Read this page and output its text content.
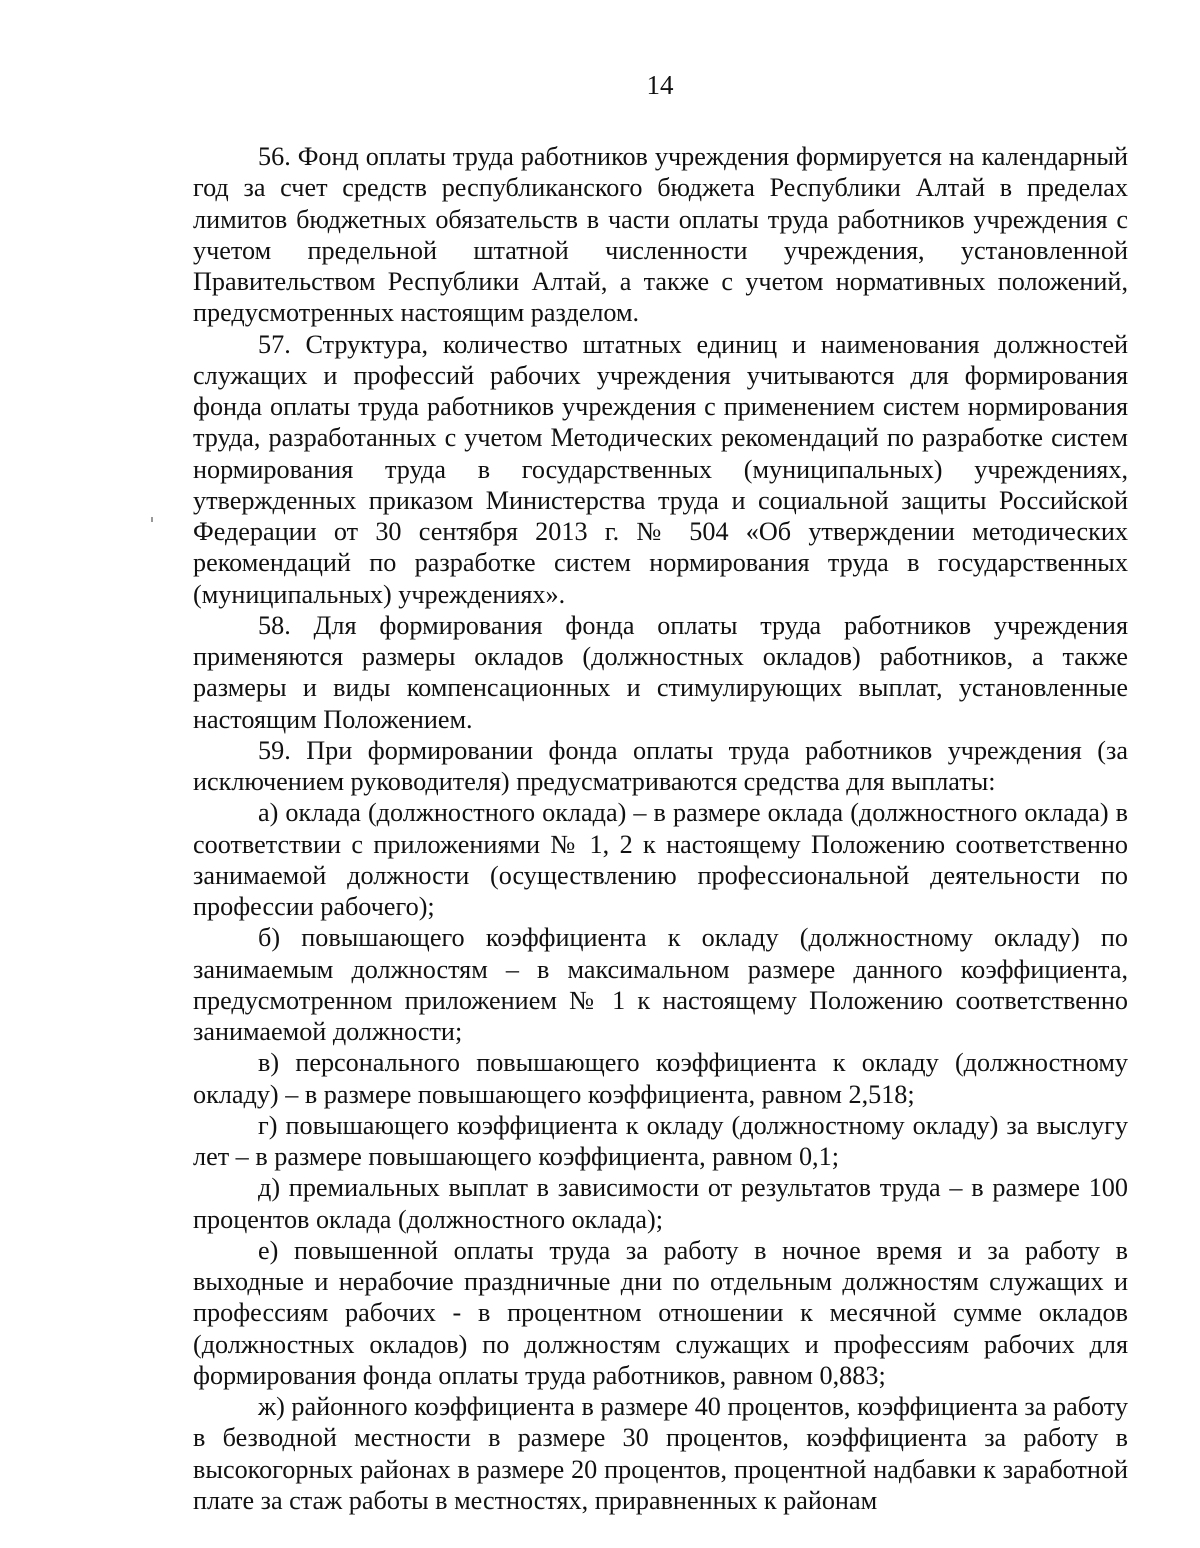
14

56. Фонд оплаты труда работников учреждения формируется на календарный год за счет средств республиканского бюджета Республики Алтай в пределах лимитов бюджетных обязательств в части оплаты труда работников учреждения с учетом предельной штатной численности учреждения, установленной Правительством Республики Алтай, а также с учетом нормативных положений, предусмотренных настоящим разделом.

57. Структура, количество штатных единиц и наименования должностей служащих и профессий рабочих учреждения учитываются для формирования фонда оплаты труда работников учреждения с применением систем нормирования труда, разработанных с учетом Методических рекомендаций по разработке систем нормирования труда в государственных (муниципальных) учреждениях, утвержденных приказом Министерства труда и социальной защиты Российской Федерации от 30 сентября 2013 г. № 504 «Об утверждении методических рекомендаций по разработке систем нормирования труда в государственных (муниципальных) учреждениях».

58. Для формирования фонда оплаты труда работников учреждения применяются размеры окладов (должностных окладов) работников, а также размеры и виды компенсационных и стимулирующих выплат, установленные настоящим Положением.

59. При формировании фонда оплаты труда работников учреждения (за исключением руководителя) предусматриваются средства для выплаты:

а) оклада (должностного оклада) – в размере оклада (должностного оклада) в соответствии с приложениями № 1, 2 к настоящему Положению соответственно занимаемой должности (осуществлению профессиональной деятельности по профессии рабочего);

б) повышающего коэффициента к окладу (должностному окладу) по занимаемым должностям – в максимальном размере данного коэффициента, предусмотренном приложением № 1 к настоящему Положению соответственно занимаемой должности;

в) персонального повышающего коэффициента к окладу (должностному окладу) – в размере повышающего коэффициента, равном 2,518;

г) повышающего коэффициента к окладу (должностному окладу) за выслугу лет – в размере повышающего коэффициента, равном 0,1;

д) премиальных выплат в зависимости от результатов труда – в размере 100 процентов оклада (должностного оклада);

е) повышенной оплаты труда за работу в ночное время и за работу в выходные и нерабочие праздничные дни по отдельным должностям служащих и профессиям рабочих - в процентном отношении к месячной сумме окладов (должностных окладов) по должностям служащих и профессиям рабочих для формирования фонда оплаты труда работников, равном 0,883;

ж) районного коэффициента в размере 40 процентов, коэффициента за работу в безводной местности в размере 30 процентов, коэффициента за работу в высокогорных районах в размере 20 процентов, процентной надбавки к заработной плате за стаж работы в местностях, приравненных к районам
